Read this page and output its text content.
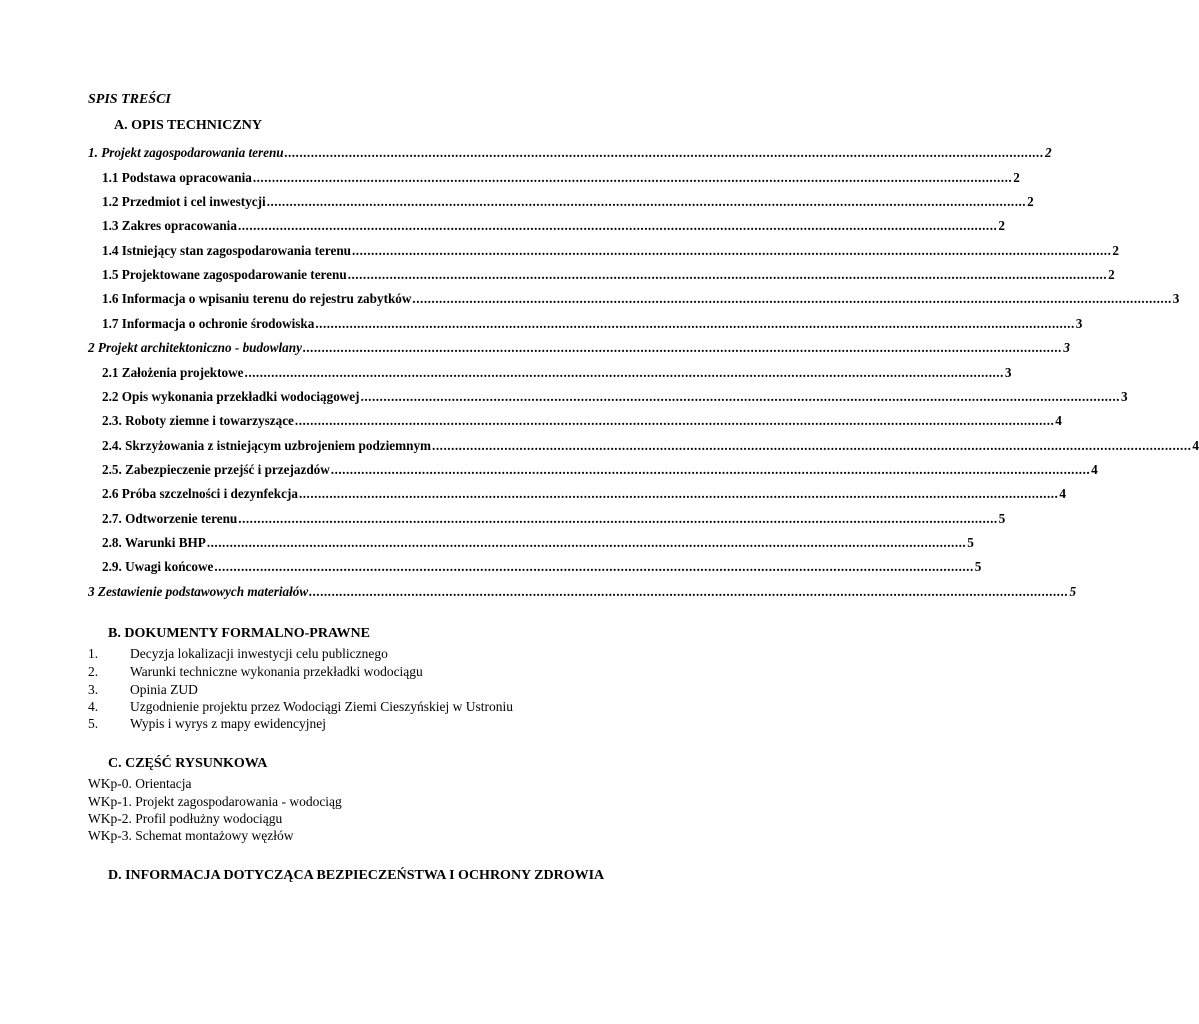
SPIS TREŚCI
A. OPIS TECHNICZNY
1. Projekt zagospodarowania terenu ........................................................................................................................................................................................................ 2
1.1 Podstawa opracowania ........................................................................................................................................................................................................ 2
1.2 Przedmiot i cel inwestycji ........................................................................................................................................................................................................ 2
1.3 Zakres opracowania ........................................................................................................................................................................................................ 2
1.4 Istniejący stan zagospodarowania terenu ........................................................................................................................................................................................................ 2
1.5 Projektowane zagospodarowanie terenu ........................................................................................................................................................................................................ 2
1.6 Informacja o wpisaniu terenu do rejestru zabytków ........................................................................................................................................................................................................ 3
1.7 Informacja o ochronie środowiska ........................................................................................................................................................................................................ 3
2 Projekt architektoniczno - budowlany ........................................................................................................................................................................................................ 3
2.1 Założenia projektowe ........................................................................................................................................................................................................ 3
2.2 Opis wykonania przekładki wodociągowej ........................................................................................................................................................................................................ 3
2.3. Roboty ziemne i towarzyszące ........................................................................................................................................................................................................ 4
2.4. Skrzyżowania z istniejącym uzbrojeniem podziemnym ........................................................................................................................................................................................................ 4
2.5. Zabezpieczenie przejść i przejazdów ........................................................................................................................................................................................................ 4
2.6 Próba szczelności i dezynfekcja ........................................................................................................................................................................................................ 4
2.7. Odtworzenie terenu ........................................................................................................................................................................................................ 5
2.8. Warunki BHP ........................................................................................................................................................................................................ 5
2.9. Uwagi końcowe ........................................................................................................................................................................................................ 5
3 Zestawienie podstawowych materiałów ........................................................................................................................................................................................................ 5
B. DOKUMENTY FORMALNO-PRAWNE
1. Decyzja lokalizacji inwestycji celu publicznego
2. Warunki techniczne wykonania przekładki wodociągu
3. Opinia ZUD
4. Uzgodnienie projektu przez Wodociągi Ziemi Cieszyńskiej w Ustroniu
5. Wypis i wyrys z mapy ewidencyjnej
C. CZĘŚĆ RYSUNKOWA
WKp-0. Orientacja
WKp-1. Projekt zagospodarowania - wodociąg
WKp-2. Profil podłużny wodociągu
WKp-3. Schemat montażowy węzłów
D. INFORMACJA DOTYCZĄCA BEZPIECZEŃSTWA I OCHRONY ZDROWIA
